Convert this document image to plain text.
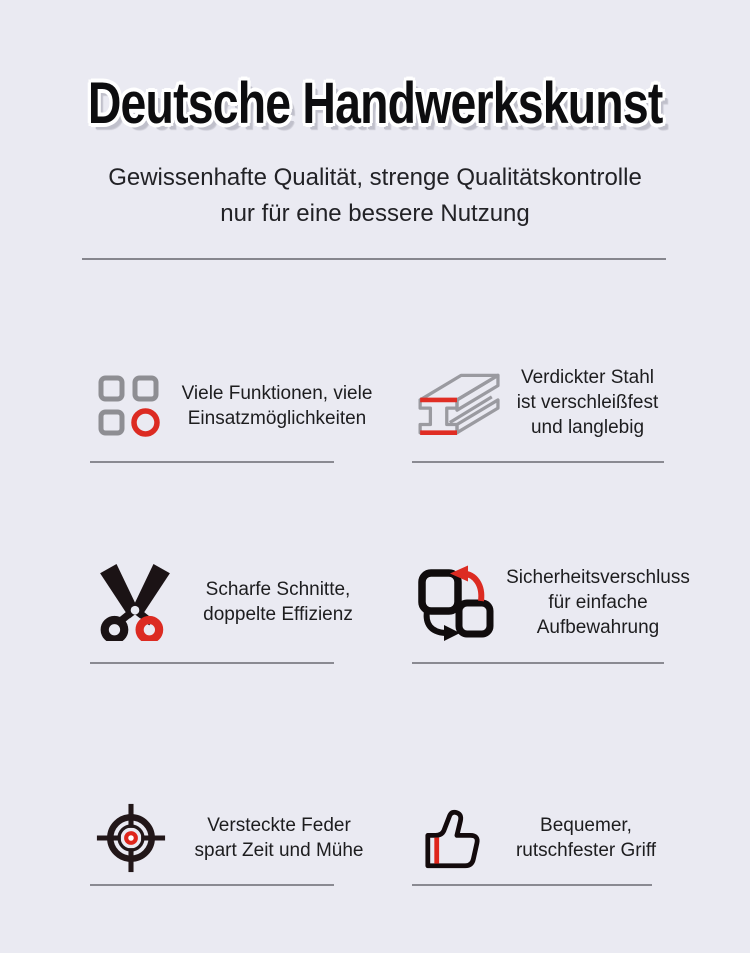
Deutsche Handwerkskunst
Gewissenhafte Qualität, strenge Qualitätskontrolle
nur für eine bessere Nutzung
Viele Funktionen, viele
Einsatzmöglichkeiten
Verdickter Stahl
ist verschleißfest
und langlebig
Scharfe Schnitte,
doppelte Effizienz
Sicherheitsverschluss
für einfache
Aufbewahrung
Versteckte Feder
spart Zeit und Mühe
Bequemer,
rutschfester Griff
